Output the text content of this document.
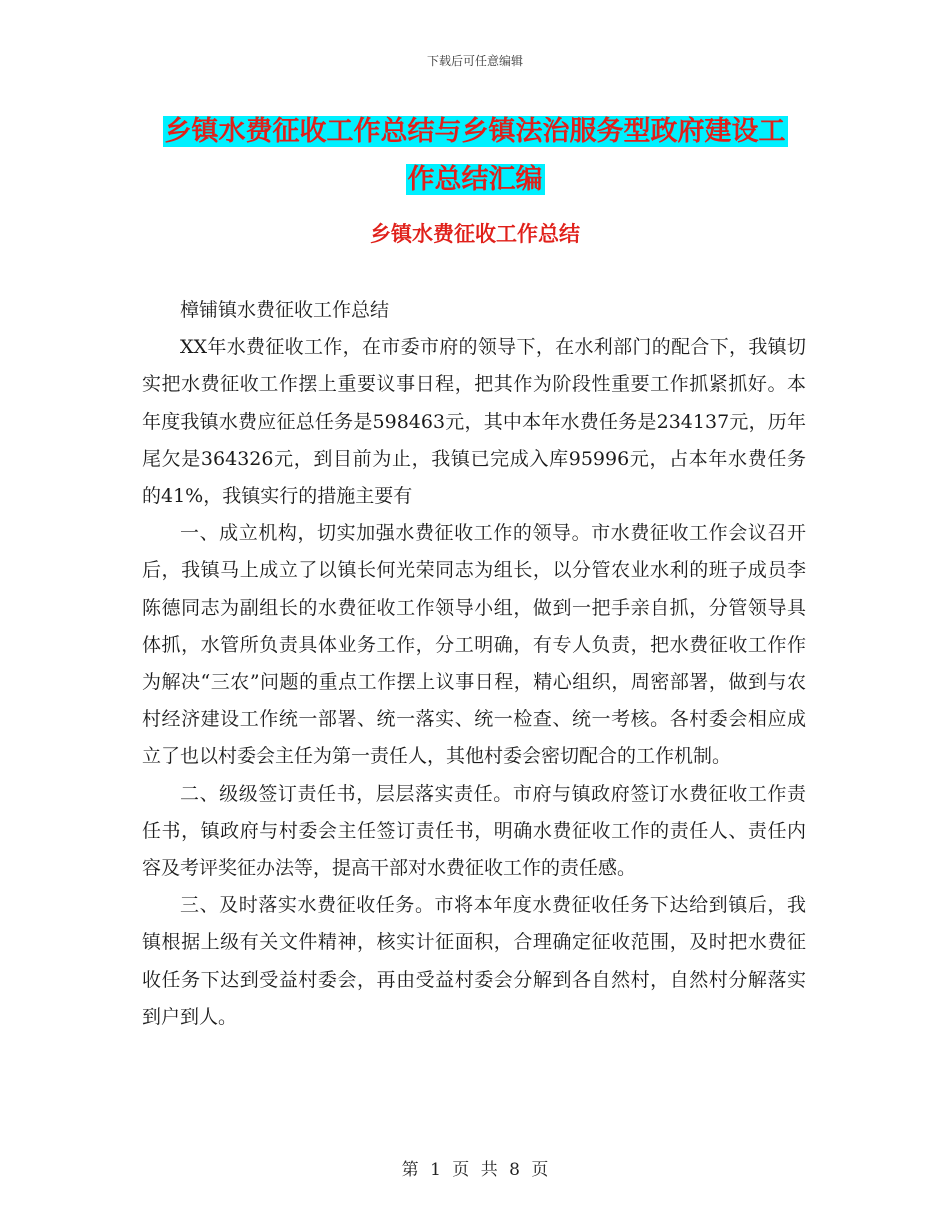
下载后可任意编辑
乡镇水费征收工作总结与乡镇法治服务型政府建设工
作总结汇编
乡镇水费征收工作总结

樟铺镇水费征收工作总结

XX年水费征收工作，在市委市府的领导下，在水利部门的配合下，我镇切实把水费征收工作摆上重要议事日程，把其作为阶段性重要工作抓紧抓好。本年度我镇水费应征总任务是598463元，其中本年水费任务是234137元，历年尾欠是364326元，到目前为止，我镇已完成入库95996元，占本年水费任务的41%，我镇实行的措施主要有

一、成立机构，切实加强水费征收工作的领导。市水费征收工作会议召开后，我镇马上成立了以镇长何光荣同志为组长，以分管农业水利的班子成员李陈德同志为副组长的水费征收工作领导小组，做到一把手亲自抓，分管领导具体抓，水管所负责具体业务工作，分工明确，有专人负责，把水费征收工作作为解决“三农”问题的重点工作摆上议事日程，精心组织，周密部署，做到与农村经济建设工作统一部署、统一落实、统一检查、统一考核。各村委会相应成立了也以村委会主任为第一责任人，其他村委会密切配合的工作机制。

二、级级签订责任书，层层落实责任。市府与镇政府签订水费征收工作责任书，镇政府与村委会主任签订责任书，明确水费征收工作的责任人、责任内容及考评奖征办法等，提高干部对水费征收工作的责任感。

三、及时落实水费征收任务。市将本年度水费征收任务下达给到镇后，我镇根据上级有关文件精神，核实计征面积，合理确定征收范围，及时把水费征收任务下达到受益村委会，再由受益村委会分解到各自然村，自然村分解落实到户到人。

第 1 页 共 8 页
